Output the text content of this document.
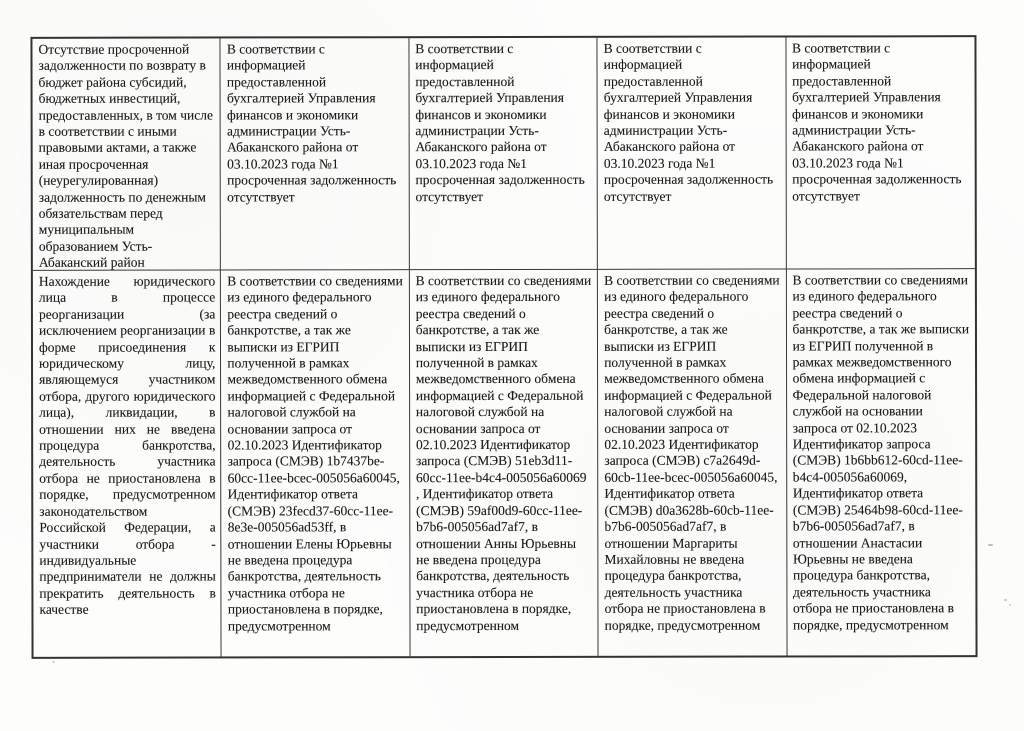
Отсутствие просроченной задолженности по возврату в бюджет района субсидий, бюджетных инвестиций, предоставленных, в том числе в соответствии с иными правовыми актами, а также иная просроченная (неурегулированная) задолженность по денежным обязательствам перед муниципальным образованием Усть-Абаканский район
В соответствии с информацией предоставленной бухгалтерией Управления финансов и экономики администрации Усть-Абаканского района от 03.10.2023 года №1 просроченная задолженность отсутствует
В соответствии с информацией предоставленной бухгалтерией Управления финансов и экономики администрации Усть-Абаканского района от 03.10.2023 года №1 просроченная задолженность отсутствует
В соответствии с информацией предоставленной бухгалтерией Управления финансов и экономики администрации Усть-Абаканского района от 03.10.2023 года №1 просроченная задолженность отсутствует
В соответствии с информацией предоставленной бухгалтерией Управления финансов и экономики администрации Усть-Абаканского района от 03.10.2023 года №1 просроченная задолженность отсутствует
Нахождение юридического лица в процессе реорганизации (за исключением реорганизации в форме присоединения к юридическому лицу, являющемуся участником отбора, другого юридического лица), ликвидации, в отношении них не введена процедура банкротства, деятельность участника отбора не приостановлена в порядке, предусмотренном законодательством Российской Федерации, а участники отбора - индивидуальные предприниматели не должны прекратить деятельность в качестве
В соответствии со сведениями из единого федерального реестра сведений о банкротстве, а так же выписки из ЕГРИП полученной в рамках межведомственного обмена информацией с Федеральной налоговой службой на основании запроса от 02.10.2023 Идентификатор запроса (СМЭВ) 1b7437be-60cc-11ee-bcec-005056a60045, Идентификатор ответа (СМЭВ) 23fecd37-60cc-11ee-8e3e-005056ad53ff, в отношении Елены Юрьевны не введена процедура банкротства, деятельность участника отбора не приостановлена в порядке, предусмотренном
В соответствии со сведениями из единого федерального реестра сведений о банкротстве, а так же выписки из ЕГРИП полученной в рамках межведомственного обмена информацией с Федеральной налоговой службой на основании запроса от 02.10.2023 Идентификатор запроса (СМЭВ) 51eb3d11-60cc-11ee-b4c4-005056a60069 , Идентификатор ответа (СМЭВ) 59af00d9-60cc-11ee-b7b6-005056ad7af7, в отношении Анны Юрьевны не введена процедура банкротства, деятельность участника отбора не приостановлена в порядке, предусмотренном
В соответствии со сведениями из единого федерального реестра сведений о банкротстве, а так же выписки из ЕГРИП полученной в рамках межведомственного обмена информацией с Федеральной налоговой службой на основании запроса от 02.10.2023 Идентификатор запроса (СМЭВ) c7a2649d-60cb-11ee-bcec-005056a60045, Идентификатор ответа (СМЭВ) d0a3628b-60cb-11ee-b7b6-005056ad7af7, в отношении Маргариты Михайловны не введена процедура банкротства, деятельность участника отбора не приостановлена в порядке, предусмотренном
В соответствии со сведениями из единого федерального реестра сведений о банкротстве, а так же выписки из ЕГРИП полученной в рамках межведомственного обмена информацией с Федеральной налоговой службой на основании запроса от 02.10.2023 Идентификатор запроса (СМЭВ) 1b6bb612-60cd-11ee-b4c4-005056a60069, Идентификатор ответа (СМЭВ) 25464b98-60cd-11ee-b7b6-005056ad7af7, в отношении Анастасии Юрьевны не введена процедура банкротства, деятельность участника отбора не приостановлена в порядке, предусмотренном
